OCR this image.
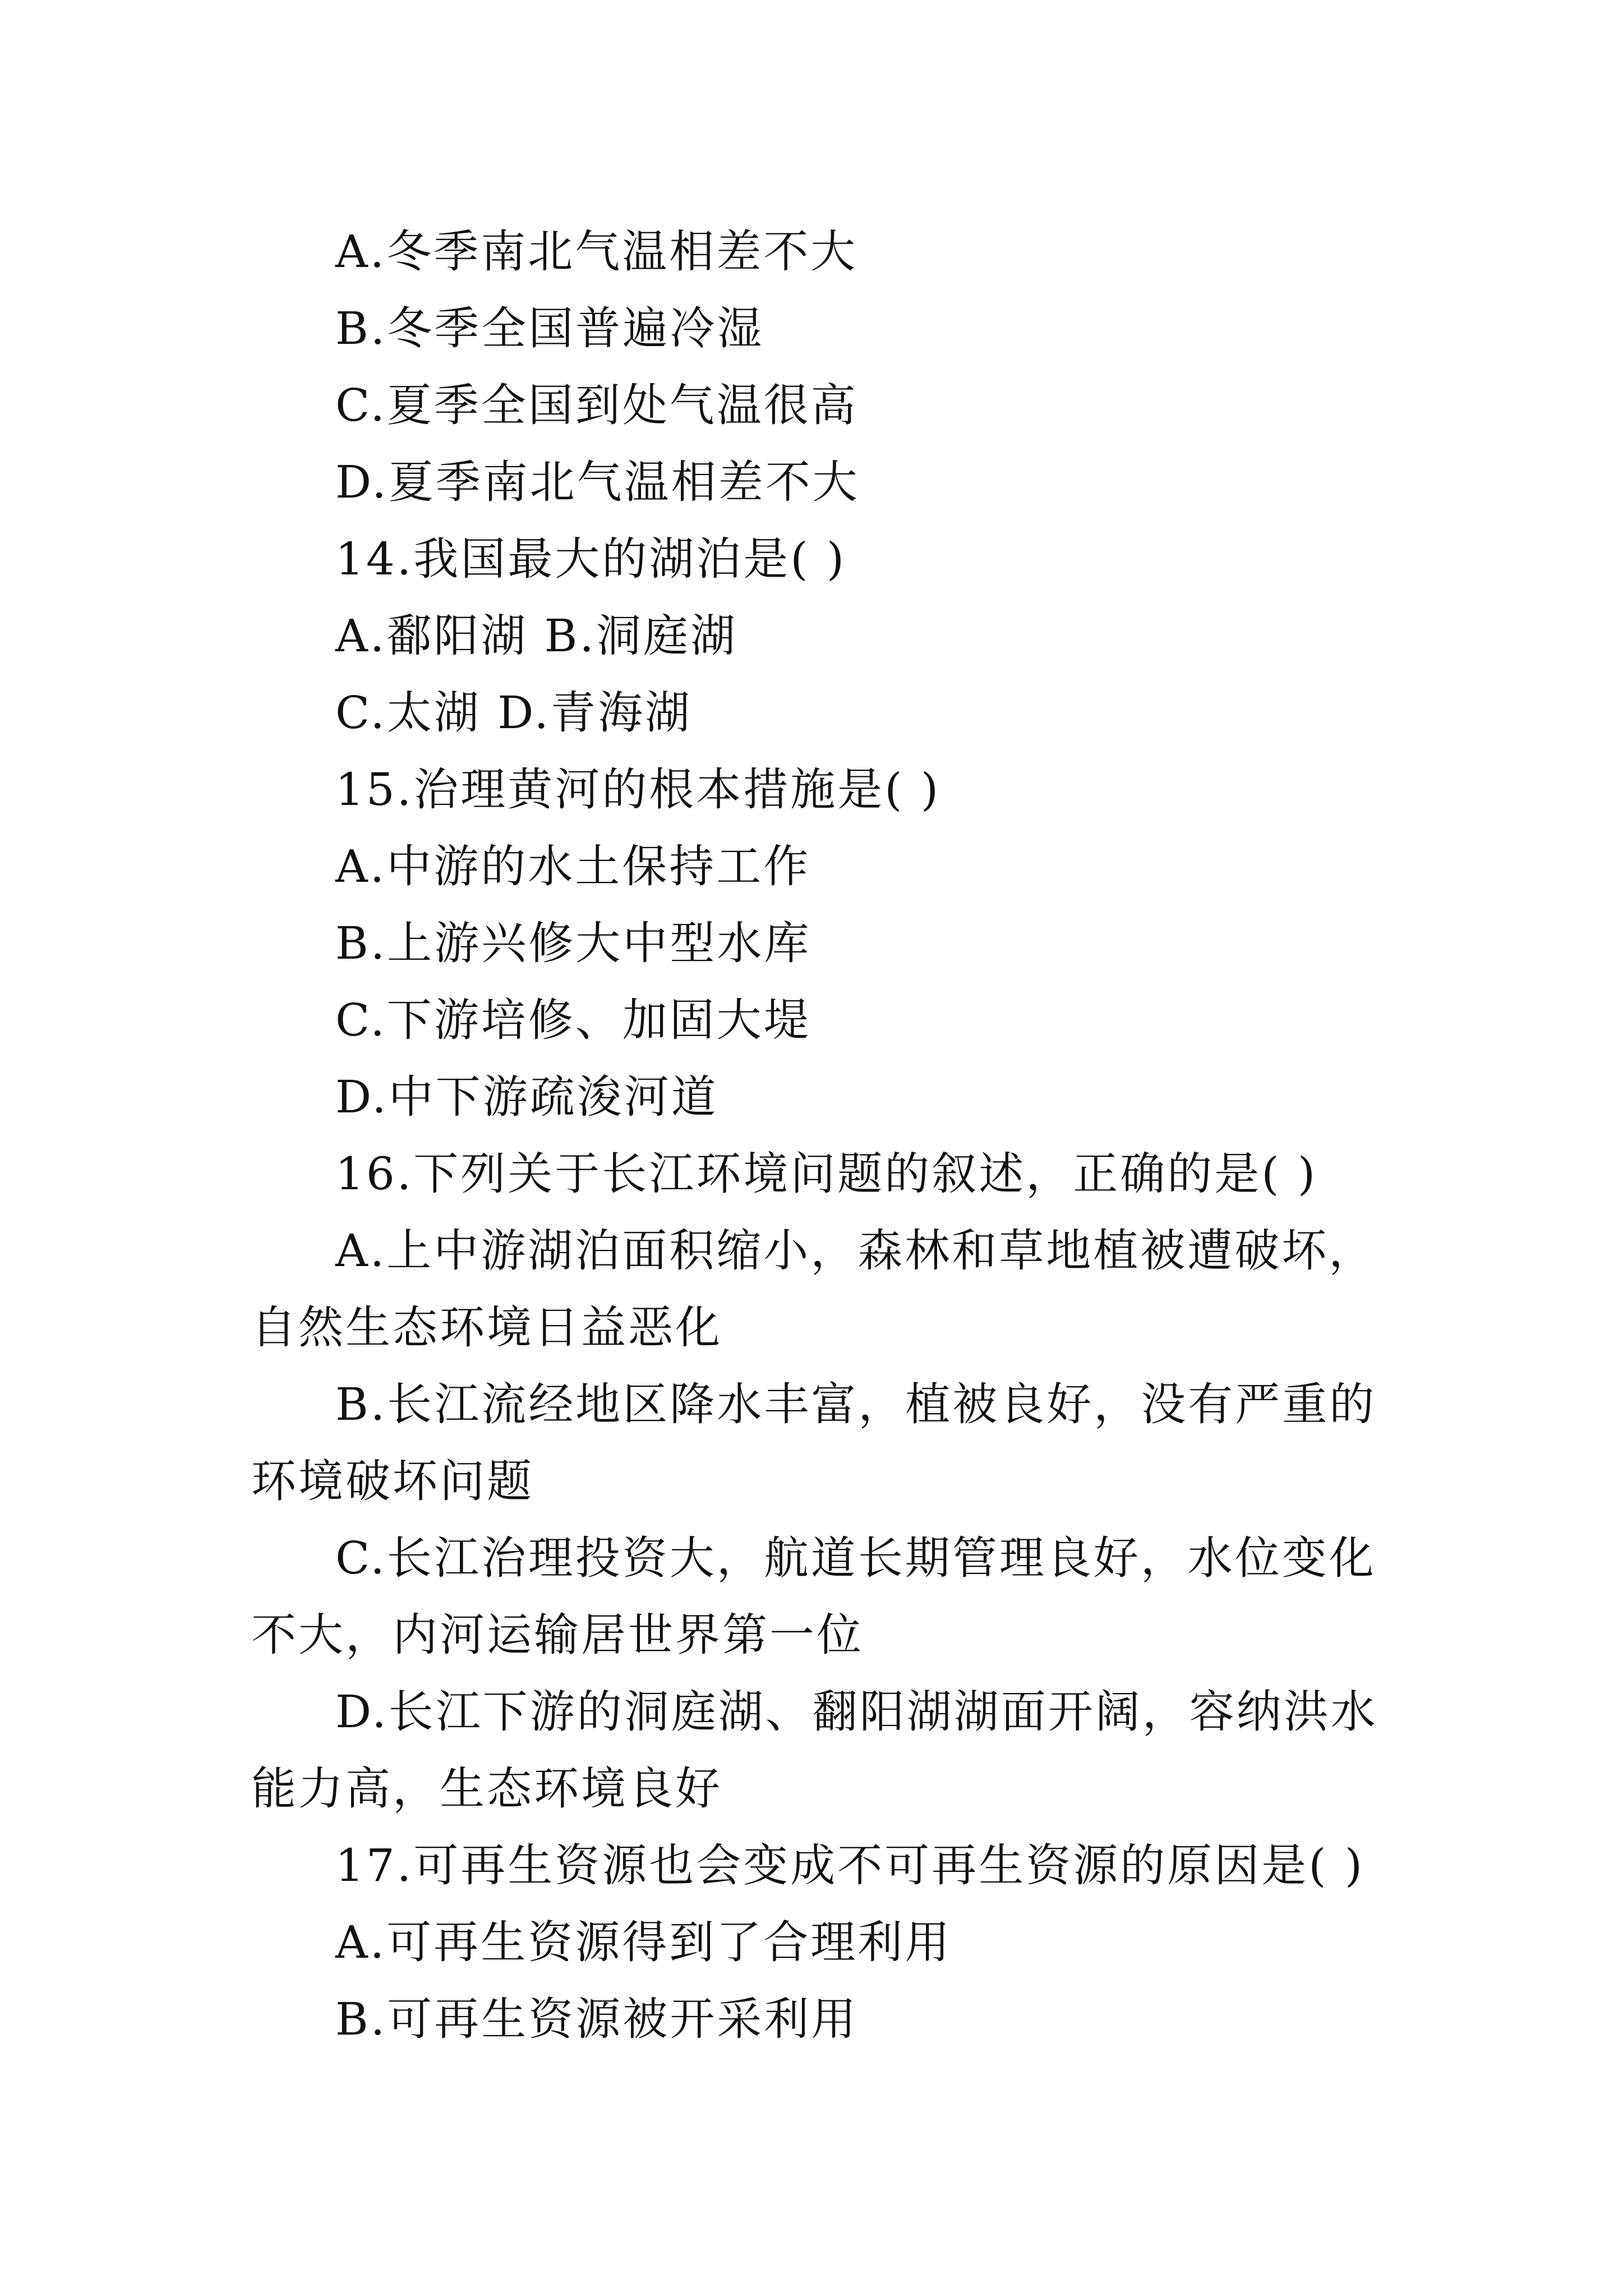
A.冬季南北气温相差不大
B.冬季全国普遍冷湿
C.夏季全国到处气温很高
D.夏季南北气温相差不大
14.我国最大的湖泊是( )
A.鄱阳湖 B.洞庭湖
C.太湖 D.青海湖
15.治理黄河的根本措施是( )
A.中游的水土保持工作
B.上游兴修大中型水库
C.下游培修、加固大堤
D.中下游疏浚河道
16.下列关于长江环境问题的叙述，正确的是( )
A.上中游湖泊面积缩小，森林和草地植被遭破坏，自然生态环境日益恶化
B.长江流经地区降水丰富，植被良好，没有严重的环境破坏问题
C.长江治理投资大，航道长期管理良好，水位变化不大，内河运输居世界第一位
D.长江下游的洞庭湖、翻阳湖湖面开阔，容纳洪水能力高，生态环境良好
17.可再生资源也会变成不可再生资源的原因是( )
A.可再生资源得到了合理利用
B.可再生资源被开采利用
